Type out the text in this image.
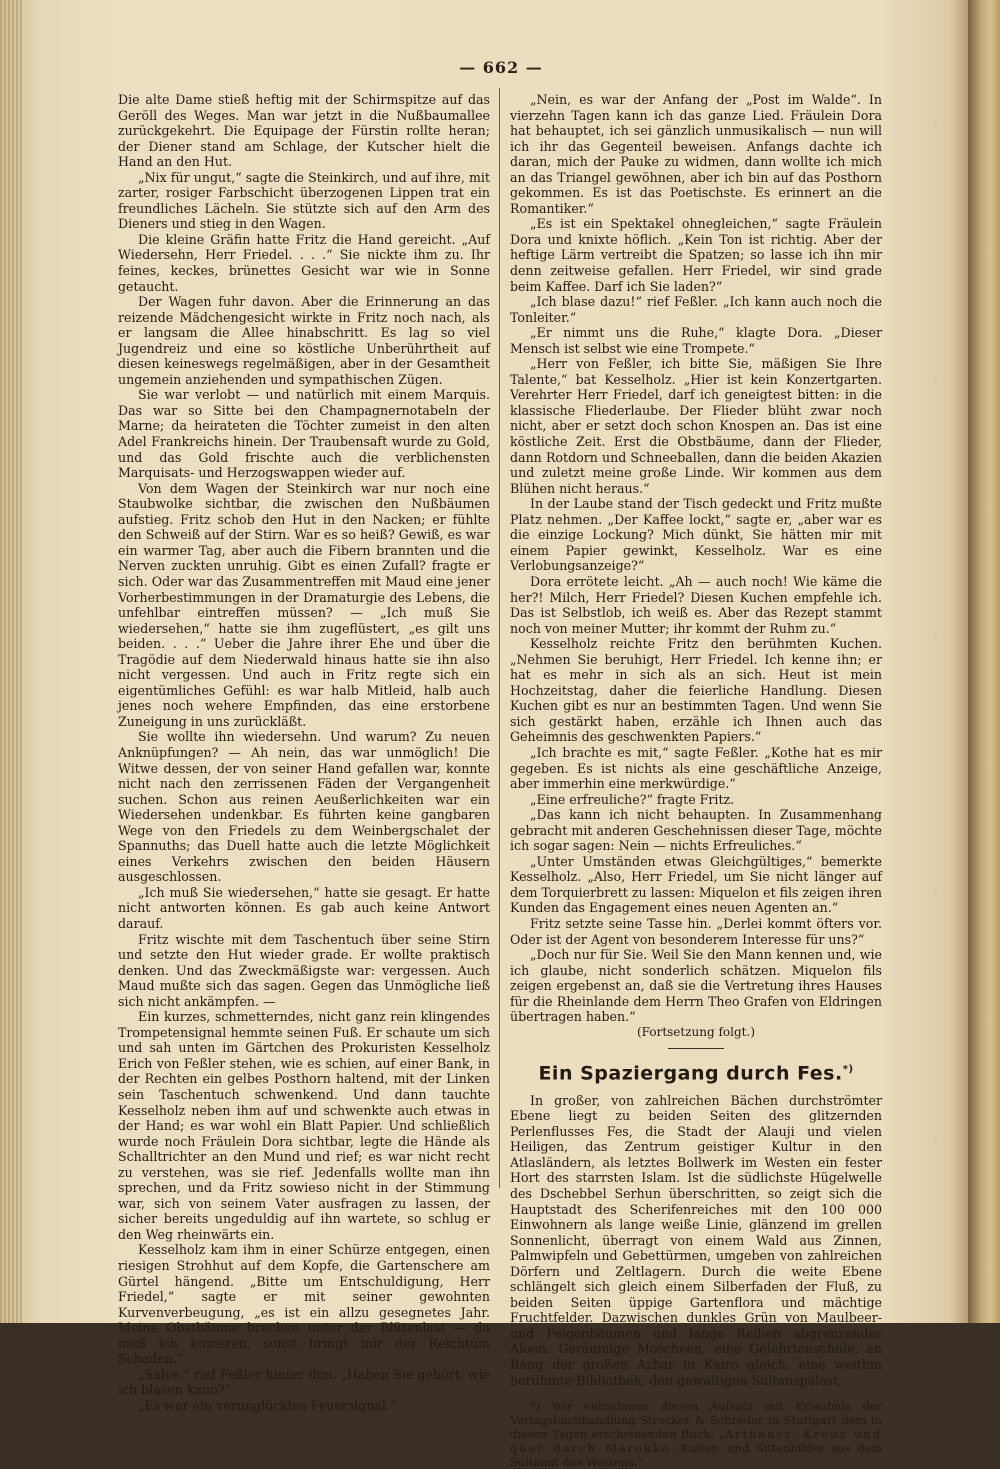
— 662 —

Die alte Dame stieß heftig mit der Schirmspitze auf das Geröll des Weges. Man war jetzt in die Nußbaumallee zurückgekehrt. Die Equipage der Fürstin rollte heran; der Diener stand am Schlage, der Kutscher hielt die Hand an den Hut.

„Nix für ungut,“ sagte die Steinkirch, und auf ihre, mit zarter, rosiger Farbschicht überzogenen Lippen trat ein freundliches Lächeln. Sie stützte sich auf den Arm des Dieners und stieg in den Wagen.

Die kleine Gräfin hatte Fritz die Hand gereicht. „Auf Wiedersehn, Herr Friedel. . . .“ Sie nickte ihm zu. Ihr feines, keckes, brünettes Gesicht war wie in Sonne getaucht.

Der Wagen fuhr davon. Aber die Erinnerung an das reizende Mädchengesicht wirkte in Fritz noch nach, als er langsam die Allee hinabschritt. Es lag so viel Jugendreiz und eine so köstliche Unberührtheit auf diesen keineswegs regelmäßigen, aber in der Gesamtheit ungemein anziehenden und sympathischen Zügen.

Sie war verlobt — und natürlich mit einem Marquis. Das war so Sitte bei den Champagnernotabeln der Marne; da heirateten die Töchter zumeist in den alten Adel Frankreichs hinein. Der Traubensaft wurde zu Gold, und das Gold frischte auch die verblichensten Marquisats- und Herzogswappen wieder auf.

Von dem Wagen der Steinkirch war nur noch eine Staubwolke sichtbar, die zwischen den Nußbäumen aufstieg. Fritz schob den Hut in den Nacken; er fühlte den Schweiß auf der Stirn. War es so heiß? Gewiß, es war ein warmer Tag, aber auch die Fibern brannten und die Nerven zuckten unruhig. Gibt es einen Zufall? fragte er sich. Oder war das Zusammentreffen mit Maud eine jener Vorherbestimmungen in der Dramaturgie des Lebens, die unfehlbar eintreffen müssen? — „Ich muß Sie wiedersehen,“ hatte sie ihm zugeflüstert, „es gilt uns beiden. . . .“ Ueber die Jahre ihrer Ehe und über die Tragödie auf dem Niederwald hinaus hatte sie ihn also nicht vergessen. Und auch in Fritz regte sich ein eigentümliches Gefühl: es war halb Mitleid, halb auch jenes noch wehere Empfinden, das eine erstorbene Zuneigung in uns zurückläßt.

Sie wollte ihn wiedersehn. Und warum? Zu neuen Anknüpfungen? — Ah nein, das war unmöglich! Die Witwe dessen, der von seiner Hand gefallen war, konnte nicht nach den zerrissenen Fäden der Vergangenheit suchen. Schon aus reinen Aeußerlichkeiten war ein Wiedersehen undenkbar. Es führten keine gangbaren Wege von den Friedels zu dem Weinbergschalet der Spannuths; das Duell hatte auch die letzte Möglichkeit eines Verkehrs zwischen den beiden Häusern ausgeschlossen.

„Ich muß Sie wiedersehen,“ hatte sie gesagt. Er hatte nicht antworten können. Es gab auch keine Antwort darauf.

Fritz wischte mit dem Taschentuch über seine Stirn und setzte den Hut wieder grade. Er wollte praktisch denken. Und das Zweckmäßigste war: vergessen. Auch Maud mußte sich das sagen. Gegen das Unmögliche ließ sich nicht ankämpfen. —

Ein kurzes, schmetterndes, nicht ganz rein klingendes Trompetensignal hemmte seinen Fuß. Er schaute um sich und sah unten im Gärtchen des Prokuristen Kesselholz Erich von Feßler stehen, wie es schien, auf einer Bank, in der Rechten ein gelbes Posthorn haltend, mit der Linken sein Taschentuch schwenkend. Und dann tauchte Kesselholz neben ihm auf und schwenkte auch etwas in der Hand; es war wohl ein Blatt Papier. Und schließlich wurde noch Fräulein Dora sichtbar, legte die Hände als Schalltrichter an den Mund und rief; es war nicht recht zu verstehen, was sie rief. Jedenfalls wollte man ihn sprechen, und da Fritz sowieso nicht in der Stimmung war, sich von seinem Vater ausfragen zu lassen, der sicher bereits ungeduldig auf ihn wartete, so schlug er den Weg rheinwärts ein.

Kesselholz kam ihm in einer Schürze entgegen, einen riesigen Strohhut auf dem Kopfe, die Gartenschere am Gürtel hängend. „Bitte um Entschuldigung, Herr Friedel,“ sagte er mit seiner gewohnten Kurvenverbeugung, „es ist ein allzu gesegnetes Jahr. Meine Obstbäume brechen unter der Blütenlast — da muß ich kupieren, sonst bringt mir der Reichtum Schaden.“

„Salve,“ rief Feßler hinter ihm. „Haben Sie gehört, wie ich blasen kann?“

„Es war ein verunglücktes Feuersignal.“

„Nein, es war der Anfang der „Post im Walde“. In vierzehn Tagen kann ich das ganze Lied. Fräulein Dora hat behauptet, ich sei gänzlich unmusikalisch — nun will ich ihr das Gegenteil beweisen. Anfangs dachte ich daran, mich der Pauke zu widmen, dann wollte ich mich an das Triangel gewöhnen, aber ich bin auf das Posthorn gekommen. Es ist das Poetischste. Es erinnert an die Romantiker.“

„Es ist ein Spektakel ohnegleichen,“ sagte Fräulein Dora und knixte höflich. „Kein Ton ist richtig. Aber der heftige Lärm vertreibt die Spatzen; so lasse ich ihn mir denn zeitweise gefallen. Herr Friedel, wir sind grade beim Kaffee. Darf ich Sie laden?“

„Ich blase dazu!“ rief Feßler. „Ich kann auch noch die Tonleiter.“

„Er nimmt uns die Ruhe,“ klagte Dora. „Dieser Mensch ist selbst wie eine Trompete.“

„Herr von Feßler, ich bitte Sie, mäßigen Sie Ihre Talente,“ bat Kesselholz. „Hier ist kein Konzertgarten. Verehrter Herr Friedel, darf ich geneigtest bitten: in die klassische Fliederlaube. Der Flieder blüht zwar noch nicht, aber er setzt doch schon Knospen an. Das ist eine köstliche Zeit. Erst die Obstbäume, dann der Flieder, dann Rotdorn und Schneeballen, dann die beiden Akazien und zuletzt meine große Linde. Wir kommen aus dem Blühen nicht heraus.“

In der Laube stand der Tisch gedeckt und Fritz mußte Platz nehmen. „Der Kaffee lockt,“ sagte er, „aber war es die einzige Lockung? Mich dünkt, Sie hätten mir mit einem Papier gewinkt, Kesselholz. War es eine Verlobungsanzeige?“

Dora errötete leicht. „Ah — auch noch! Wie käme die her?! Milch, Herr Friedel? Diesen Kuchen empfehle ich. Das ist Selbstlob, ich weiß es. Aber das Rezept stammt noch von meiner Mutter; ihr kommt der Ruhm zu.“

Kesselholz reichte Fritz den berühmten Kuchen. „Nehmen Sie beruhigt, Herr Friedel. Ich kenne ihn; er hat es mehr in sich als an sich. Heut ist mein Hochzeitstag, daher die feierliche Handlung. Diesen Kuchen gibt es nur an bestimmten Tagen. Und wenn Sie sich gestärkt haben, erzähle ich Ihnen auch das Geheimnis des geschwenkten Papiers.“

„Ich brachte es mit,“ sagte Feßler. „Kothe hat es mir gegeben. Es ist nichts als eine geschäftliche Anzeige, aber immerhin eine merkwürdige.“

„Eine erfreuliche?“ fragte Fritz.

„Das kann ich nicht behaupten. In Zusammenhang gebracht mit anderen Geschehnissen dieser Tage, möchte ich sogar sagen: Nein — nichts Erfreuliches.“

„Unter Umständen etwas Gleichgültiges,“ bemerkte Kesselholz. „Also, Herr Friedel, um Sie nicht länger auf dem Torquierbrett zu lassen: Miquelon et fils zeigen ihren Kunden das Engagement eines neuen Agenten an.“

Fritz setzte seine Tasse hin. „Derlei kommt öfters vor. Oder ist der Agent von besonderem Interesse für uns?“

„Doch nur für Sie. Weil Sie den Mann kennen und, wie ich glaube, nicht sonderlich schätzen. Miquelon fils zeigen ergebenst an, daß sie die Vertretung ihres Hauses für die Rheinlande dem Herrn Theo Grafen von Eldringen übertragen haben.“

(Fortsetzung folgt.)

Ein Spaziergang durch Fes.*)

In großer, von zahlreichen Bächen durchströmter Ebene liegt zu beiden Seiten des glitzernden Perlenflusses Fes, die Stadt der Alauji und vielen Heiligen, das Zentrum geistiger Kultur in den Atlasländern, als letztes Bollwerk im Westen ein fester Hort des starrsten Islam. Ist die südlichste Hügelwelle des Dschebbel Serhun überschritten, so zeigt sich die Hauptstadt des Scherifenreiches mit den 100 000 Einwohnern als lange weiße Linie, glänzend im grellen Sonnenlicht, überragt von einem Wald aus Zinnen, Palmwipfeln und Gebettürmen, umgeben von zahlreichen Dörfern und Zeltlagern. Durch die weite Ebene schlängelt sich gleich einem Silberfaden der Fluß, zu beiden Seiten üppige Gartenflora und mächtige Fruchtfelder. Dazwischen dunkles Grün von Maulbeer- und Feigenbäumen und lange Reihen abgrenzender Aloen. Geräumige Moscheen, eine Gelehrtenschule, an Rang der großen Azhar in Kairo gleich, eine weithin berühmte Bibliothek, den gewaltigen Sultanspalast,

*) Wir entnehmen diesen Aufsatz mit Erlaubnis der Verlagsbuchhandlung Strecker & Schröder in Stuttgart dem in diesen Tagen erscheinenden Buch: „Artbauer. Kreuz und quer durch Marokko. Kultur- und Sittenbilder aus dem Sultanat des Westens.“
